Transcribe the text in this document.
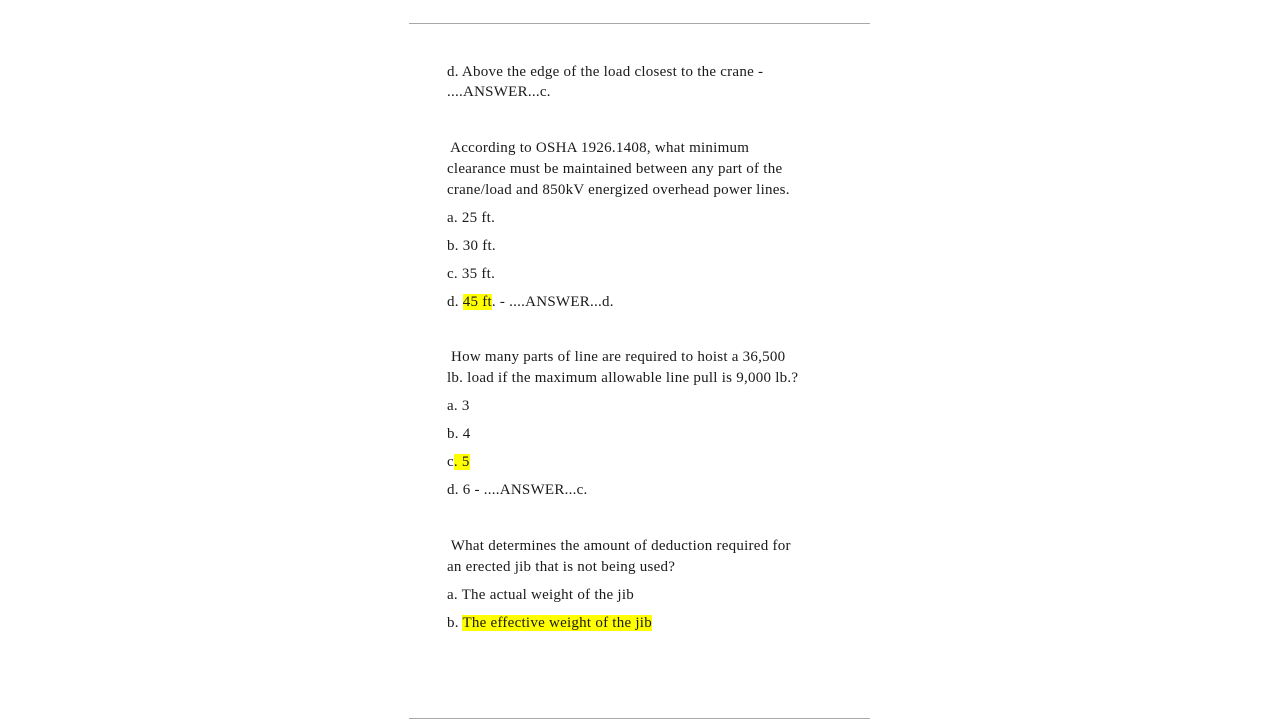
d. Above the edge of the load closest to the crane -
....ANSWER...c.
According to OSHA 1926.1408, what minimum
clearance must be maintained between any part of the
crane/load and 850kV energized overhead power lines.
a. 25 ft.
b. 30 ft.
c. 35 ft.
d. 45 ft. - ....ANSWER...d.
How many parts of line are required to hoist a 36,500
lb. load if the maximum allowable line pull is 9,000 lb.?
a. 3
b. 4
c. 5
d. 6 - ....ANSWER...c.
What determines the amount of deduction required for
an erected jib that is not being used?
a. The actual weight of the jib
b. The effective weight of the jib
